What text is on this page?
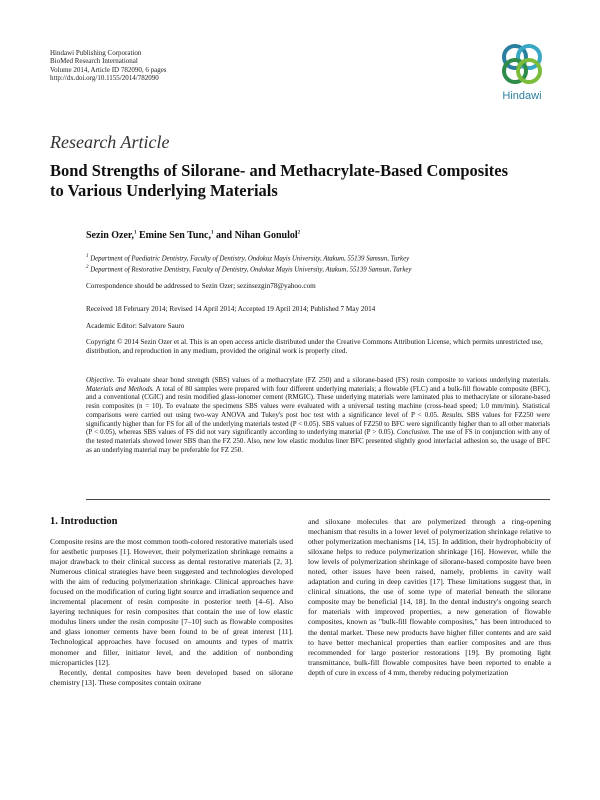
Hindawi Publishing Corporation
BioMed Research International
Volume 2014, Article ID 782090, 6 pages
http://dx.doi.org/10.1155/2014/782090
Hindawi
Research Article
Bond Strengths of Silorane- and Methacrylate-Based Composites
to Various Underlying Materials
Sezin Ozer,$^1$ Emine Sen Tunc,$^1$ and Nihan Gonulol$^2$
$^1$ Department of Paediatric Dentistry, Faculty of Dentistry, Ondokuz Mayis University, Atakum, 55139 Samsun, Turkey
$^2$ Department of Restorative Dentistry, Faculty of Dentistry, Ondokuz Mayis University, Atakum, 55139 Samsun, Turkey
Correspondence should be addressed to Sezin Ozer; sezinsezgin78@yahoo.com
Received 18 February 2014; Revised 14 April 2014; Accepted 19 April 2014; Published 7 May 2014
Academic Editor: Salvatore Sauro
Copyright © 2014 Sezin Ozer et al. This is an open access article distributed under the Creative Commons Attribution License, which permits unrestricted use, distribution, and reproduction in any medium, provided the original work is properly cited.
Objective. To evaluate shear bond strength (SBS) values of a methacrylate (FZ 250) and a silorane-based (FS) resin composite to various underlying materials. Materials and Methods. A total of 80 samples were prepared with four different underlying materials; a flowable (FLC) and a bulk-fill flowable composite (BFC), and a conventional (CGIC) and resin modified glass-ionomer cement (RMGIC). These underlying materials were laminated plus to methacrylate or silorane-based resin composites (n = 10). To evaluate the specimens SBS values were evaluated with a universal testing machine (cross-head speed; 1.0 mm/min). Statistical comparisons were carried out using two-way ANOVA and Tukey's post hoc test with a significance level of P < 0.05. Results. SBS values for FZ250 were significantly higher than for FS for all of the underlying materials tested (P < 0.05). SBS values of FZ250 to BFC were significantly higher than to all other materials (P < 0.05), whereas SBS values of FS did not vary significantly according to underlying material (P > 0.05). Conclusion. The use of FS in conjunction with any of the tested materials showed lower SBS than the FZ 250. Also, new low elastic modulus liner BFC presented slightly good interfacial adhesion so, the usage of BFC as an underlying material may be preferable for FZ 250.
1. Introduction

Composite resins are the most common tooth-colored restorative materials used for aesthetic purposes [1]. However, their polymerization shrinkage remains a major drawback to their clinical success as dental restorative materials [2, 3]. Numerous clinical strategies have been suggested and technologies developed with the aim of reducing polymerization shrinkage. Clinical approaches have focused on the modification of curing light source and irradiation sequence and incremental placement of resin composite in posterior teeth [4–6]. Also layering techniques for resin composites that contain the use of low elastic modulus liners under the resin composite [7–10] such as flowable composites and glass ionomer cements have been found to be of great interest [11]. Technological approaches have focused on amounts and types of matrix monomer and filler, initiator level, and the addition of nonbonding microparticles [12].

Recently, dental composites have been developed based on silorane chemistry [13]. These composites contain oxirane

and siloxane molecules that are polymerized through a ring-opening mechanism that results in a lower level of polymerization shrinkage relative to other polymerization mechanisms [14, 15]. In addition, their hydrophobicity of siloxane helps to reduce polymerization shrinkage [16]. However, while the low levels of polymerization shrinkage of silorane-based composite have been noted, other issues have been raised, namely, problems in cavity wall adaptation and curing in deep cavities [17]. These limitations suggest that, in clinical situations, the use of some type of material beneath the silorane composite may be beneficial [14, 18]. In the dental industry's ongoing search for materials with improved properties, a new generation of flowable composites, known as "bulk-fill flowable composites," has been introduced to the dental market. These new products have higher filler contents and are said to have better mechanical properties than earlier composites and are thus recommended for large posterior restorations [19]. By promoting light transmittance, bulk-fill flowable composites have been reported to enable a depth of cure in excess of 4 mm, thereby reducing polymerization
